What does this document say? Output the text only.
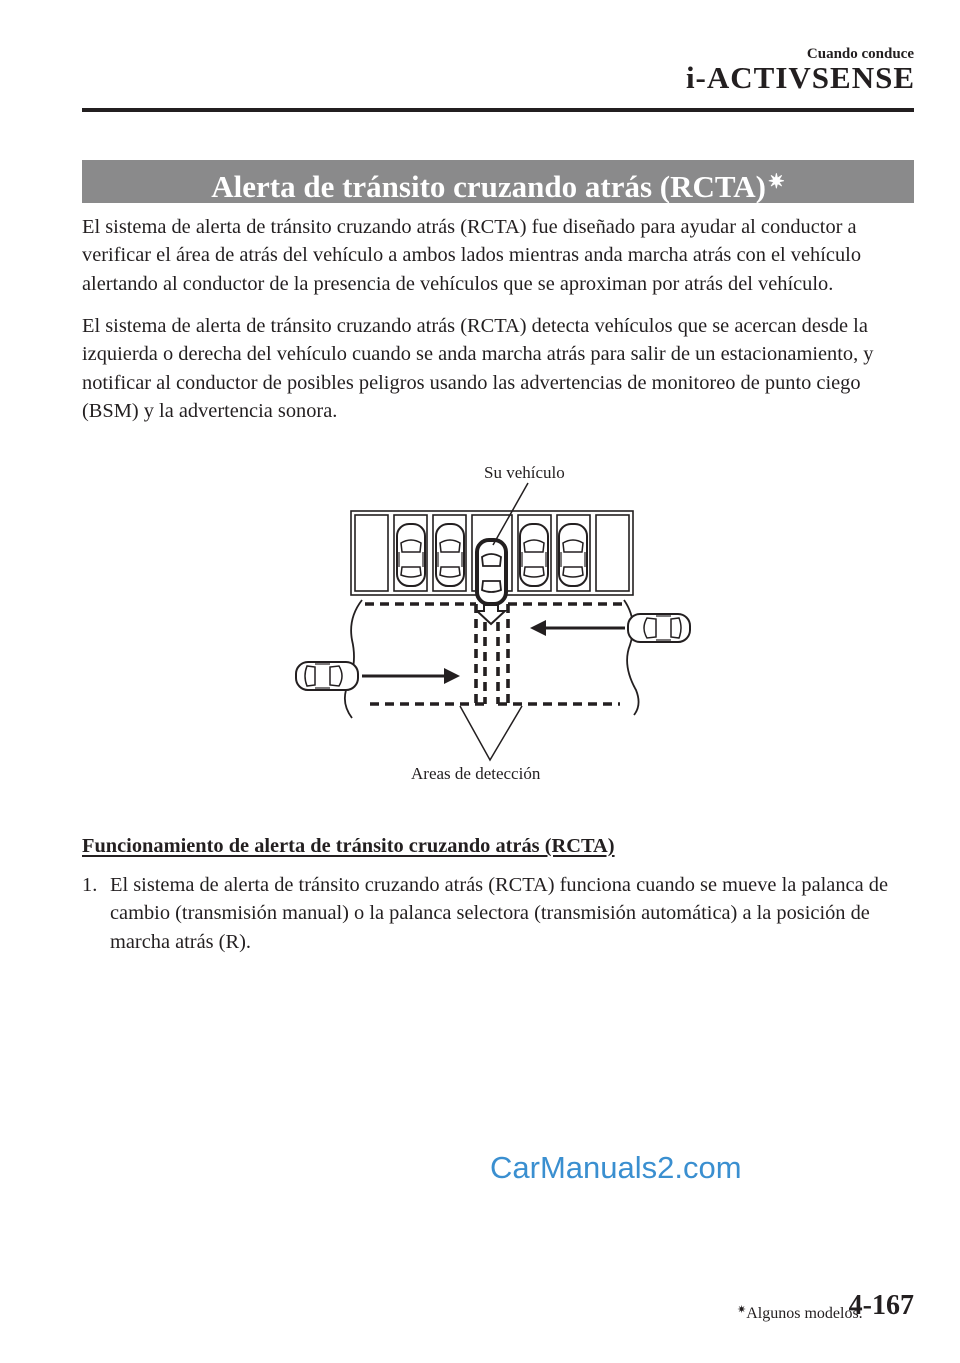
Cuando conduce
i-ACTIVSENSE
Alerta de tránsito cruzando atrás (RCTA) ✷

El sistema de alerta de tránsito cruzando atrás (RCTA) fue diseñado para ayudar al conductor a verificar el área de atrás del vehículo a ambos lados mientras anda marcha atrás con el vehículo alertando al conductor de la presencia de vehículos que se aproximan por atrás del vehículo.

El sistema de alerta de tránsito cruzando atrás (RCTA) detecta vehículos que se acercan desde la izquierda o derecha del vehículo cuando se anda marcha atrás para salir de un estacionamiento, y notificar al conductor de posibles peligros usando las advertencias de monitoreo de punto ciego (BSM) y la advertencia sonora.

Su vehículo
Areas de detección
Funcionamiento de alerta de tránsito cruzando atrás (RCTA)
1. El sistema de alerta de tránsito cruzando atrás (RCTA) funciona cuando se mueve la palanca de cambio (transmisión manual) o la palanca selectora (transmisión automática) a la posición de marcha atrás (R).
CarManuals2.com
✷Algunos modelos.
4-167
